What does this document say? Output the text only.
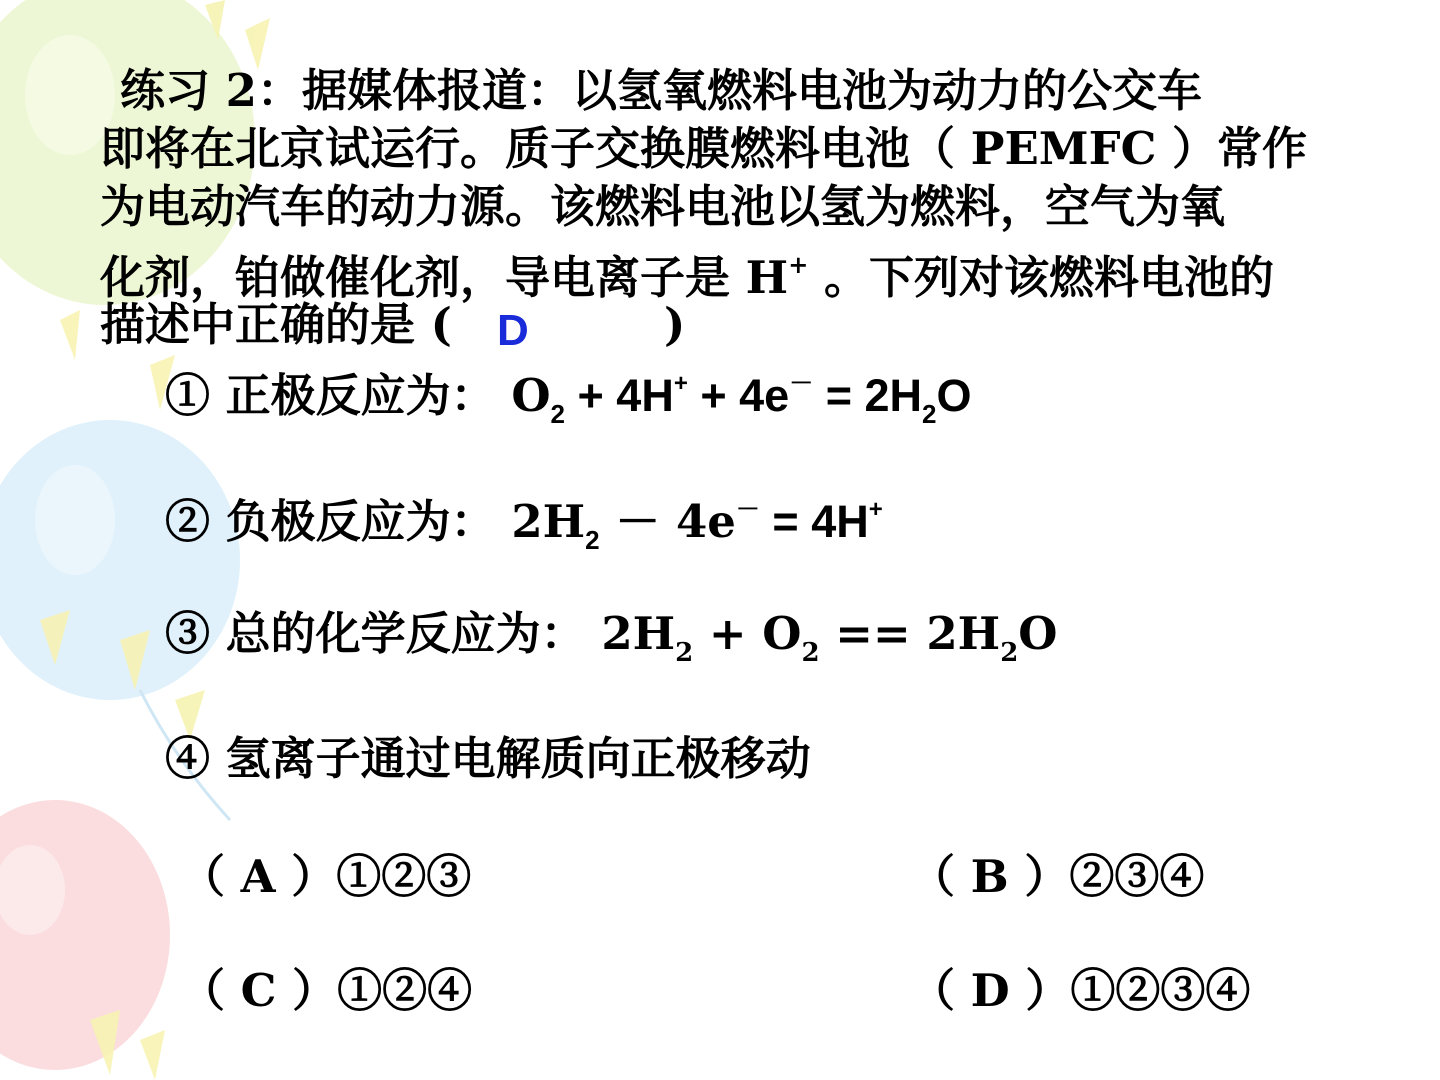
练习 2：据媒体报道：以氢氧燃料电池为动力的公交车
即将在北京试运行。质子交换膜燃料电池（ PEMFC ）常作
为电动汽车的动力源。该燃料电池以氢为燃料，空气为氧
化剂，铂做催化剂，导电离子是 H+ 。下列对该燃料电池的
描述中正确的是 ( D	)
① 正极反应为： $O_2 + 4H^+ + 4e^- = 2H_2O$
② 负极反应为： $2H_2 - 4e^- = 4H^+$
③ 总的化学反应为： $2H_2 + O_2 == 2H_2O$
④ 氢离子通过电解质向正极移动
（ A ）①②③	（ B ）②③④
（ C ）①②④	（ D ）①②③④
